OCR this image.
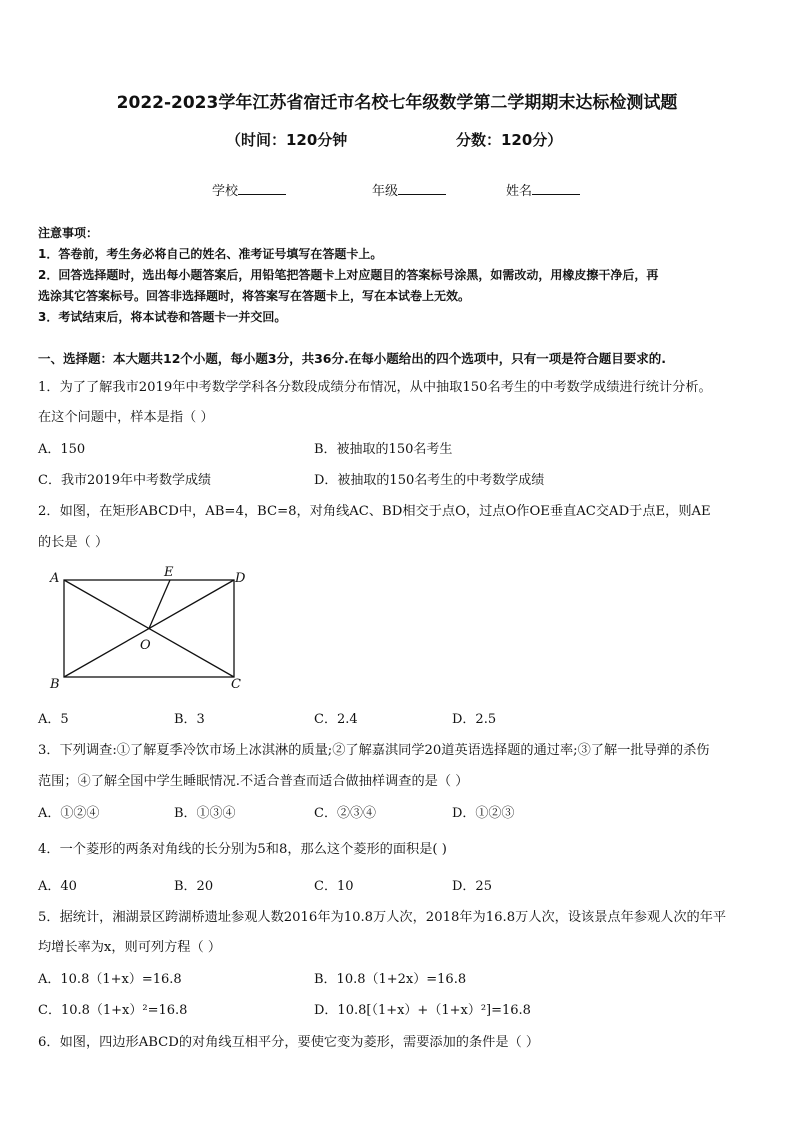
2022-2023学年江苏省宿迁市名校七年级数学第二学期期末达标检测试题
（时间：120分钟	分数：120分）
学校	年级	姓名
注意事项：
1．答卷前，考生务必将自己的姓名、准考证号填写在答题卡上。
2．回答选择题时，选出每小题答案后，用铅笔把答题卡上对应题目的答案标号涂黑，如需改动，用橡皮擦干净后，再
选涂其它答案标号。回答非选择题时，将答案写在答题卡上，写在本试卷上无效。
3．考试结束后，将本试卷和答题卡一并交回。
一、选择题：本大题共12个小题，每小题3分，共36分.在每小题给出的四个选项中，只有一项是符合题目要求的.
1．为了了解我市2019年中考数学学科各分数段成绩分布情况，从中抽取150名考生的中考数学成绩进行统计分析。
在这个问题中，样本是指（ ）
A．150	B．被抽取的150名考生
C．我市2019年中考数学成绩	D．被抽取的150名考生的中考数学成绩
2．如图，在矩形ABCD中，AB=4，BC=8，对角线AC、BD相交于点O，过点O作OE垂直AC交AD于点E，则AE
的长是（ ）
A	E	D
O
B	C
A．5	B．3	C．2.4	D．2.5
3．下列调查:①了解夏季冷饮市场上冰淇淋的质量;②了解嘉淇同学20道英语选择题的通过率;③了解一批导弹的杀伤
范围；④了解全国中学生睡眠情况.不适合普查而适合做抽样调查的是（ ）
A．①②④	B．①③④	C．②③④	D．①②③
4．一个菱形的两条对角线的长分别为5和8，那么这个菱形的面积是( )
A．40	B．20	C．10	D．25
5．据统计，湘湖景区跨湖桥遗址参观人数2016年为10.8万人次，2018年为16.8万人次，设该景点年参观人次的年平
均增长率为x，则可列方程（ ）
A．10.8（1+x）=16.8	B．10.8（1+2x）=16.8
C．10.8（1+x）²=16.8	D．10.8[（1+x）+（1+x）²]=16.8
6．如图，四边形ABCD的对角线互相平分，要使它变为菱形，需要添加的条件是（ ）
